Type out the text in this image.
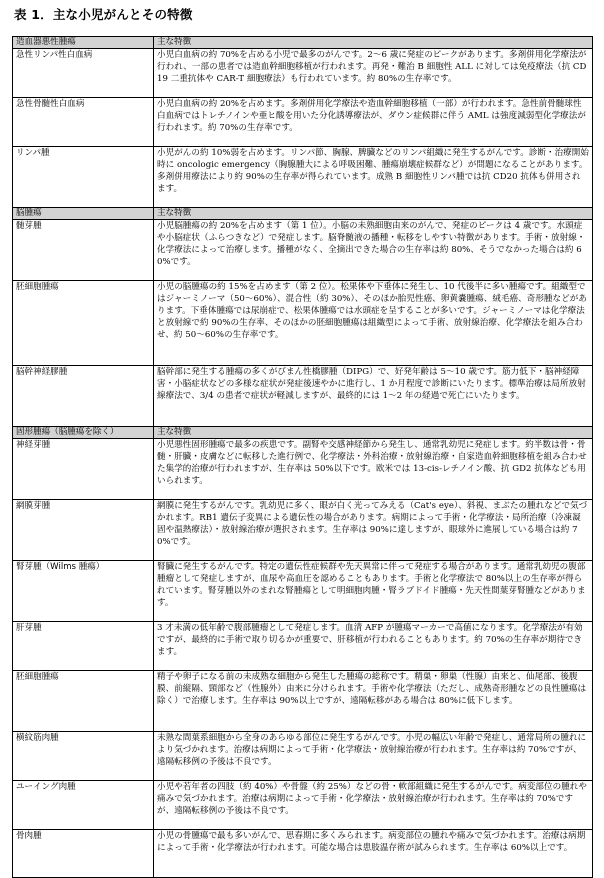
表 1．主な小児がんとその特徴
造血器悪性腫瘍	主な特徴
急性リンパ性白血病	小児白血病の約 70%を占める小児で最多のがんです。2～6 歳に発症のピークがあります。多剤併用化学療法が行われ、一部の患者では造血幹細胞移植が行われます。再発・難治 B 細胞性 ALL に対しては免疫療法（抗 CD19 二重抗体や CAR-T 細胞療法）も行われています。約 80%の生存率です。
急性骨髄性白血病	小児白血病の約 20%を占めます。多剤併用化学療法や造血幹細胞移植（一部）が行われます。急性前骨髄球性白血病ではトレチノインや亜ヒ酸を用いた分化誘導療法が、ダウン症候群に伴う AML は強度減弱型化学療法が行われます。約 70%の生存率です。
リンパ腫	小児がんの約 10%弱を占めます。リンパ節、胸腺、脾臓などのリンパ組織に発生するがんです。診断・治療開始時に oncologic emergency（胸腺腫大による呼吸困難、腫瘍崩壊症候群など）が問題になることがあります。多剤併用療法により約 90%の生存率が得られています。成熟 B 細胞性リンパ腫では抗 CD20 抗体も併用されます。
脳腫瘍	主な特徴
髄芽腫	小児脳腫瘍の約 20%を占めます（第 1 位）。小脳の未熟細胞由来のがんで、発症のピークは 4 歳です。水頭症や小脳症状（ふらつきなど）で発症します。脳脊髄液の播種・転移をしやすい特徴があります。手術・放射線・化学療法によって治療します。播種がなく、全摘出できた場合の生存率は約 80%、そうでなかった場合は約 60%です。
胚細胞腫瘍	小児の脳腫瘍の約 15%を占めます（第 2 位）。松果体や下垂体に発生し、10 代後半に多い腫瘍です。組織型ではジャーミノーマ（50～60%）、混合性（約 30%）、そのほか胎児性癌、卵黄嚢腫瘍、絨毛癌、奇形腫などがあります。下垂体腫瘍では尿崩症で、松果体腫瘍では水頭症を呈することが多いです。ジャーミノーマは化学療法と放射線で約 90%の生存率、そのほかの胚細胞腫瘍は組織型によって手術、放射線治療、化学療法を組み合わせ、約 50～60%の生存率です。
脳幹神経膠腫	脳幹部に発生する腫瘍の多くがびまん性橋膠腫（DIPG）で、好発年齢は 5～10 歳です。筋力低下・脳神経障害・小脳症状などの多様な症状が発症後速やかに進行し、1 か月程度で診断にいたります。標準治療は局所放射線療法で、3/4 の患者で症状が軽減しますが、最終的には 1～2 年の経過で死亡にいたります。
固形腫瘍（脳腫瘍を除く）	主な特徴
神経芽腫	小児悪性固形腫瘍で最多の疾患です。副腎や交感神経節から発生し、通常乳幼児に発症します。約半数は骨・骨髄・肝臓・皮膚などに転移した進行例で、化学療法・外科治療・放射線治療・自家造血幹細胞移植を組み合わせた集学的治療が行われますが、生存率は 50%以下です。欧米では 13-cis-レチノイン酸、抗 GD2 抗体なども用いられます。
網膜芽腫	網膜に発生するがんです。乳幼児に多く、眼が白く光ってみえる（Cat's eye）、斜視、まぶたの腫れなどで気づかれます。RB1 遺伝子変異による遺伝性の場合があります。病期によって手術・化学療法・局所治療（冷凍凝固や温熱療法）・放射線治療が選択されます。生存率は 90%に達しますが、眼球外に進展している場合は約 70%です。
腎芽腫（Wilms 腫瘍）	腎臓に発生するがんです。特定の遺伝性症候群や先天異常に伴って発症する場合があります。通常乳幼児の腹部腫瘤として発症しますが、血尿や高血圧を認めることもあります。手術と化学療法で 80%以上の生存率が得られています。腎芽腫以外のまれな腎腫瘍として明細胞肉腫・腎ラブドイド腫瘍・先天性間葉芽腎腫などがあります。
肝芽腫	3 才未満の低年齢で腹部腫瘤として発症します。血清 AFP が腫瘍マーカーで高値になります。化学療法が有効ですが、最終的に手術で取り切るかが重要で、肝移植が行われることもあります。約 70%の生存率が期待できます。
胚細胞腫瘍	精子や卵子になる前の未成熟な細胞から発生した腫瘍の総称です。精巣・卵巣（性腺）由来と、仙尾部、後腹膜、前縦隔、頸部など（性腺外）由来に分けられます。手術や化学療法（ただし、成熟奇形腫などの良性腫瘍は除く）で治療します。生存率は 90%以上ですが、遠隔転移がある場合は 80%に低下します。
横紋筋肉腫	未熟な間葉系細胞から全身のあらゆる部位に発生するがんです。小児の幅広い年齢で発症し、通常局所の腫れにより気づかれます。治療は病期によって手術・化学療法・放射線治療が行われます。生存率は約 70%ですが、遠隔転移例の予後は不良です。
ユーイング肉腫	小児や若年者の四肢（約 40%）や骨盤（約 25%）などの骨・軟部組織に発生するがんです。病変部位の腫れや痛みで気づかれます。治療は病期によって手術・化学療法・放射線治療が行われます。生存率は約 70%ですが、遠隔転移例の予後は不良です。
骨肉腫	小児の骨腫瘍で最も多いがんで、思春期に多くみられます。病変部位の腫れや痛みで気づかれます。治療は病期によって手術・化学療法が行われます。可能な場合は患肢温存術が試みられます。生存率は 60%以上です。
